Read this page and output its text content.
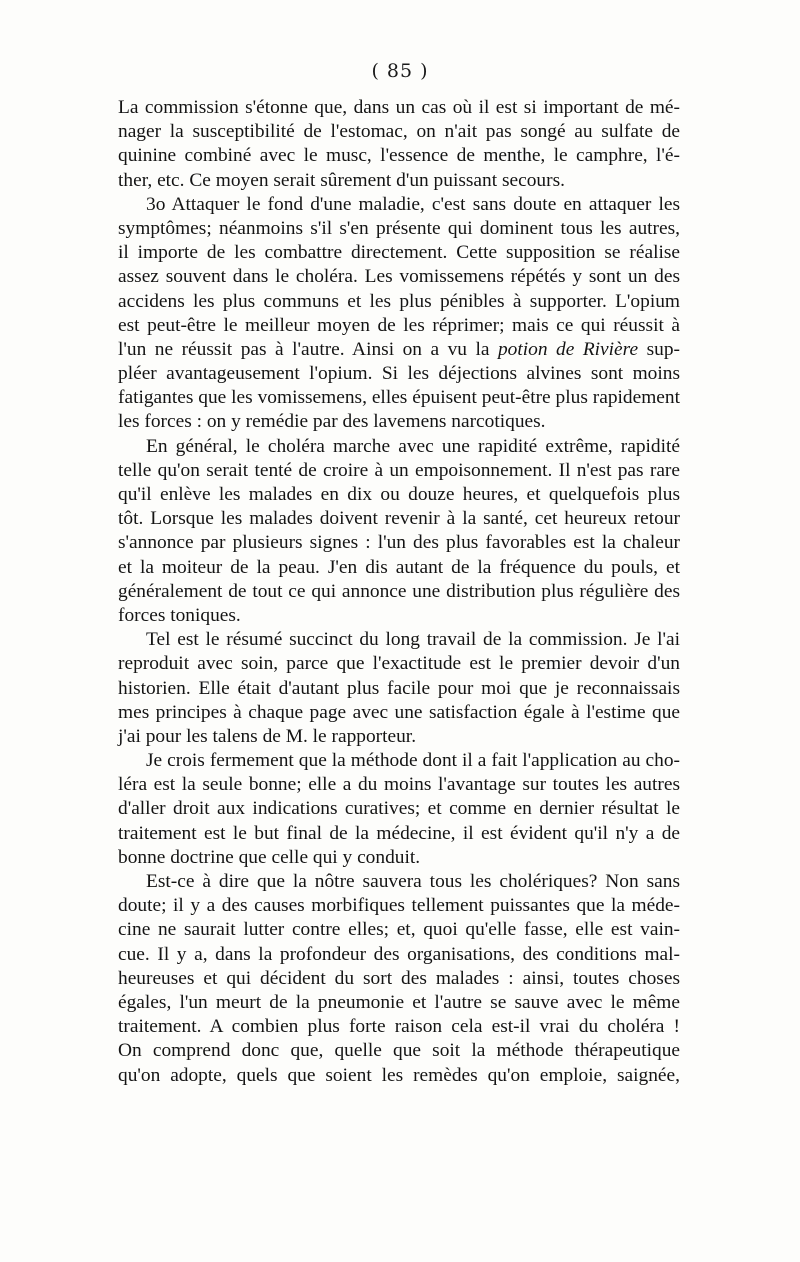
( 85 )
La commission s'étonne que, dans un cas où il est si important de mé-
nager la susceptibilité de l'estomac, on n'ait pas songé au sulfate de
quinine combiné avec le musc, l'essence de menthe, le camphre, l'é-
ther, etc. Ce moyen serait sûrement d'un puissant secours.
3o Attaquer le fond d'une maladie, c'est sans doute en attaquer les
symptômes; néanmoins s'il s'en présente qui dominent tous les autres,
il importe de les combattre directement. Cette supposition se réalise
assez souvent dans le choléra. Les vomissemens répétés y sont un des
accidens les plus communs et les plus pénibles à supporter. L'opium
est peut-être le meilleur moyen de les réprimer; mais ce qui réussit à
l'un ne réussit pas à l'autre. Ainsi on a vu la potion de Rivière sup-
pléer avantageusement l'opium. Si les déjections alvines sont moins
fatigantes que les vomissemens, elles épuisent peut-être plus rapidement
les forces : on y remédie par des lavemens narcotiques.
En général, le choléra marche avec une rapidité extrême, rapidité
telle qu'on serait tenté de croire à un empoisonnement. Il n'est pas rare
qu'il enlève les malades en dix ou douze heures, et quelquefois plus
tôt. Lorsque les malades doivent revenir à la santé, cet heureux retour
s'annonce par plusieurs signes : l'un des plus favorables est la chaleur
et la moiteur de la peau. J'en dis autant de la fréquence du pouls, et
généralement de tout ce qui annonce une distribution plus régulière des
forces toniques.
Tel est le résumé succinct du long travail de la commission. Je l'ai
reproduit avec soin, parce que l'exactitude est le premier devoir d'un
historien. Elle était d'autant plus facile pour moi que je reconnaissais
mes principes à chaque page avec une satisfaction égale à l'estime que
j'ai pour les talens de M. le rapporteur.
Je crois fermement que la méthode dont il a fait l'application au cho-
léra est la seule bonne; elle a du moins l'avantage sur toutes les autres
d'aller droit aux indications curatives; et comme en dernier résultat le
traitement est le but final de la médecine, il est évident qu'il n'y a de
bonne doctrine que celle qui y conduit.
Est-ce à dire que la nôtre sauvera tous les cholériques? Non sans
doute; il y a des causes morbifiques tellement puissantes que la méde-
cine ne saurait lutter contre elles; et, quoi qu'elle fasse, elle est vain-
cue. Il y a, dans la profondeur des organisations, des conditions mal-
heureuses et qui décident du sort des malades : ainsi, toutes choses
égales, l'un meurt de la pneumonie et l'autre se sauve avec le même
traitement. A combien plus forte raison cela est-il vrai du choléra !
On comprend donc que, quelle que soit la méthode thérapeutique
qu'on adopte, quels que soient les remèdes qu'on emploie, saignée,
